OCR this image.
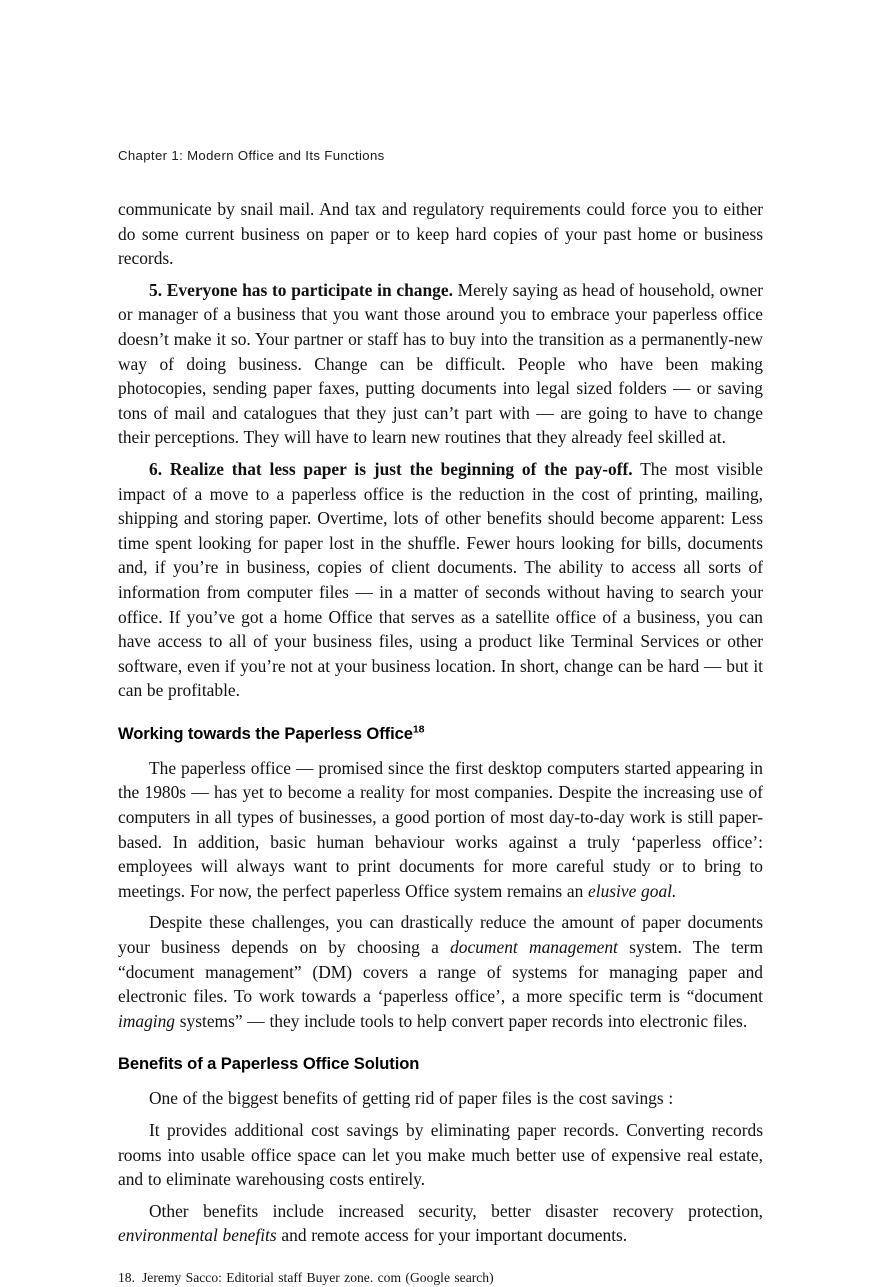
Chapter 1: Modern Office and Its Functions

communicate by snail mail. And tax and regulatory requirements could force you to either do some current business on paper or to keep hard copies of your past home or business records.

5. Everyone has to participate in change. Merely saying as head of household, owner or manager of a business that you want those around you to embrace your paperless office doesn’t make it so. Your partner or staff has to buy into the transition as a permanently-new way of doing business. Change can be difficult. People who have been making photocopies, sending paper faxes, putting documents into legal sized folders — or saving tons of mail and catalogues that they just can’t part with — are going to have to change their perceptions. They will have to learn new routines that they already feel skilled at.

6. Realize that less paper is just the beginning of the pay-off. The most visible impact of a move to a paperless office is the reduction in the cost of printing, mailing, shipping and storing paper. Overtime, lots of other benefits should become apparent: Less time spent looking for paper lost in the shuffle. Fewer hours looking for bills, documents and, if you’re in business, copies of client documents. The ability to access all sorts of information from computer files — in a matter of seconds without having to search your office. If you’ve got a home Office that serves as a satellite office of a business, you can have access to all of your business files, using a product like Terminal Services or other software, even if you’re not at your business location. In short, change can be hard — but it can be profitable.

Working towards the Paperless Office$^{18}$

The paperless office — promised since the first desktop computers started appearing in the 1980s — has yet to become a reality for most companies. Despite the increasing use of computers in all types of businesses, a good portion of most day-to-day work is still paper-based. In addition, basic human behaviour works against a truly ‘paperless office’: employees will always want to print documents for more careful study or to bring to meetings. For now, the perfect paperless Office system remains an elusive goal.

Despite these challenges, you can drastically reduce the amount of paper documents your business depends on by choosing a document management system. The term “document management” (DM) covers a range of systems for managing paper and electronic files. To work towards a ‘paperless office’, a more specific term is “document imaging systems” — they include tools to help convert paper records into electronic files.

Benefits of a Paperless Office Solution

One of the biggest benefits of getting rid of paper files is the cost savings :

It provides additional cost savings by eliminating paper records. Converting records rooms into usable office space can let you make much better use of expensive real estate, and to eliminate warehousing costs entirely.

Other benefits include increased security, better disaster recovery protection, environmental benefits and remote access for your important documents.

18. Jeremy Sacco: Editorial staff Buyer zone. com (Google search)
